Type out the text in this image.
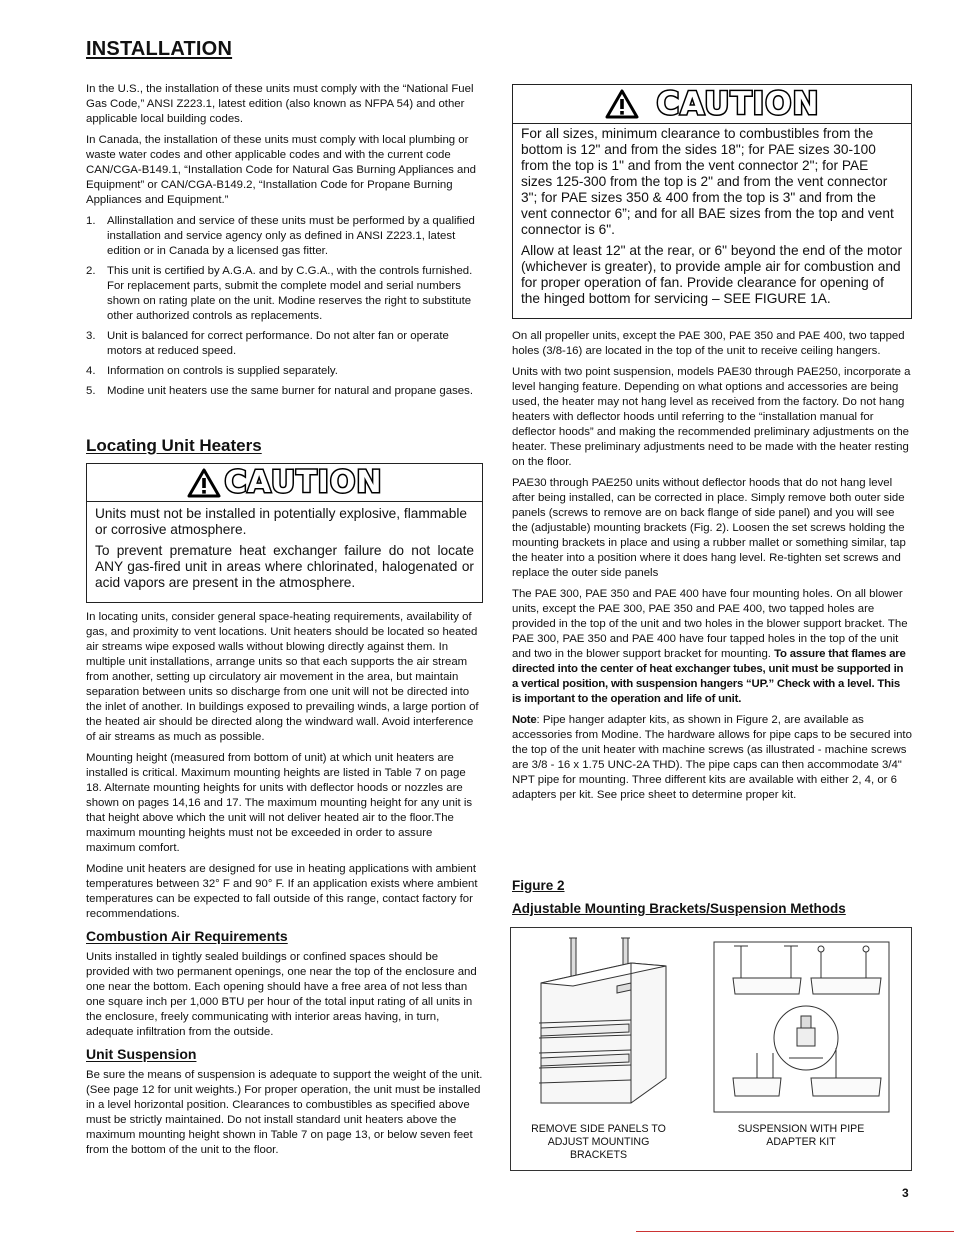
INSTALLATION

In the U.S., the installation of these units must comply with the “National Fuel Gas Code,” ANSI Z223.1, latest edition (also known as NFPA 54) and other applicable local building codes.

In Canada, the installation of these units must comply with local plumbing or waste water codes and other applicable codes and with the current code CAN/CGA-B149.1, “Installation Code for Natural Gas Burning Appliances and Equipment” or CAN/CGA-B149.2, “Installation Code for Propane Burning Appliances and Equipment.”

1.	Allinstallation and service of these units must be performed by a qualified installation and service agency only as defined in ANSI Z223.1, latest edition or in Canada by a licensed gas fitter.
2.	This unit is certified by A.G.A. and by C.G.A., with the controls furnished. For replacement parts, submit the complete model and serial numbers shown on rating plate on the unit. Modine reserves the right to substitute other authorized controls as replacements.
3.	Unit is balanced for correct performance. Do not alter fan or operate motors at reduced speed.
4.	Information on controls is supplied separately.
5.	Modine unit heaters use the same burner for natural and propane gases.
Locating Unit Heaters
CAUTION

Units must not be installed in potentially explosive, flammable or corrosive atmosphere.

To prevent premature heat exchanger failure do not locate ANY gas-fired unit in areas where chlorinated, halogenated or acid vapors are present in the atmosphere.

In locating units, consider general space-heating requirements, availability of gas, and proximity to vent locations. Unit heaters should be located so heated air streams wipe exposed walls without blowing directly against them. In multiple unit installations, arrange units so that each supports the air stream from another, setting up circulatory air movement in the area, but maintain separation between units so discharge from one unit will not be directed into the inlet of another. In buildings exposed to prevailing winds, a large portion of the heated air should be directed along the windward wall. Avoid interference of air streams as much as possible.

Mounting height (measured from bottom of unit) at which unit heaters are installed is critical. Maximum mounting heights are listed in Table 7 on page 18. Alternate mounting heights for units with deflector hoods or nozzles are shown on pages 14,16 and 17. The maximum mounting height for any unit is that height above which the unit will not deliver heated air to the floor.The maximum mounting heights must not be exceeded in order to assure maximum comfort.

Modine unit heaters are designed for use in heating applications with ambient temperatures between 32° F and 90° F. If an application exists where ambient temperatures can be expected to fall outside of this range, contact factory for recommendations.

Combustion Air Requirements

Units installed in tightly sealed buildings or confined spaces should be provided with two permanent openings, one near the top of the enclosure and one near the bottom. Each opening should have a free area of not less than one square inch per 1,000 BTU per hour of the total input rating of all units in the enclosure, freely communicating with interior areas having, in turn, adequate infiltration from the outside.

Unit Suspension

Be sure the means of suspension is adequate to support the weight of the unit. (See page 12 for unit weights.) For proper operation, the unit must be installed in a level horizontal position. Clearances to combustibles as specified above must be strictly maintained. Do not install standard unit heaters above the maximum mounting height shown in Table 7 on page 13, or below seven feet from the bottom of the unit to the floor.

CAUTION

For all sizes, minimum clearance to combustibles from the bottom is 12" and from the sides 18"; for PAE sizes 30-100 from the top is 1" and from the vent connector 2"; for PAE sizes 125-300 from the top is 2" and from the vent connector 3"; for PAE sizes 350 & 400 from the top is 3" and from the vent connector 6”; and for all BAE sizes from the top and vent connector is 6".

Allow at least 12" at the rear, or 6" beyond the end of the motor (whichever is greater), to provide ample air for combustion and for proper operation of fan. Provide clearance for opening of the hinged bottom for servicing – SEE FIGURE 1A.

On all propeller units, except the PAE 300, PAE 350 and PAE 400, two tapped holes (3/8-16) are located in the top of the unit to receive ceiling hangers.

Units with two point suspension, models PAE30 through PAE250, incorporate a level hanging feature. Depending on what options and accessories are being used, the heater may not hang level as received from the factory. Do not hang heaters with deflector hoods until referring to the “installation manual for deflector hoods” and making the recommended preliminary adjustments on the heater. These preliminary adjustments need to be made with the heater resting on the floor.

PAE30 through PAE250 units without deflector hoods that do not hang level after being installed, can be corrected in place. Simply remove both outer side panels (screws to remove are on back flange of side panel) and you will see the (adjustable) mounting brackets (Fig. 2). Loosen the set screws holding the mounting brackets in place and using a rubber mallet or something similar, tap the heater into a position where it does hang level. Re-tighten set screws and replace the outer side panels

The PAE 300, PAE 350 and PAE 400 have four mounting holes. On all blower units, except the PAE 300, PAE 350 and PAE 400, two tapped holes are provided in the top of the unit and two holes in the blower support bracket. The PAE 300, PAE 350 and PAE 400 have four tapped holes in the top of the unit and two in the blower support bracket for mounting. To assure that flames are directed into the center of heat exchanger tubes, unit must be supported in a vertical position, with suspension hangers “UP.” Check with a level. This is important to the operation and life of unit.

Note: Pipe hanger adapter kits, as shown in Figure 2, are available as accessories from Modine. The hardware allows for pipe caps to be secured into the top of the unit heater with machine screws (as illustrated - machine screws are 3/8 - 16 x 1.75 UNC-2A THD). The pipe caps can then accommodate 3/4" NPT pipe for mounting. Three different kits are available with either 2, 4, or 6 adapters per kit. See price sheet to determine proper kit.

Figure 2
Adjustable Mounting Brackets/Suspension Methods
REMOVE SIDE PANELS TO ADJUST MOUNTING BRACKETS
SUSPENSION WITH PIPE ADAPTER KIT
3
